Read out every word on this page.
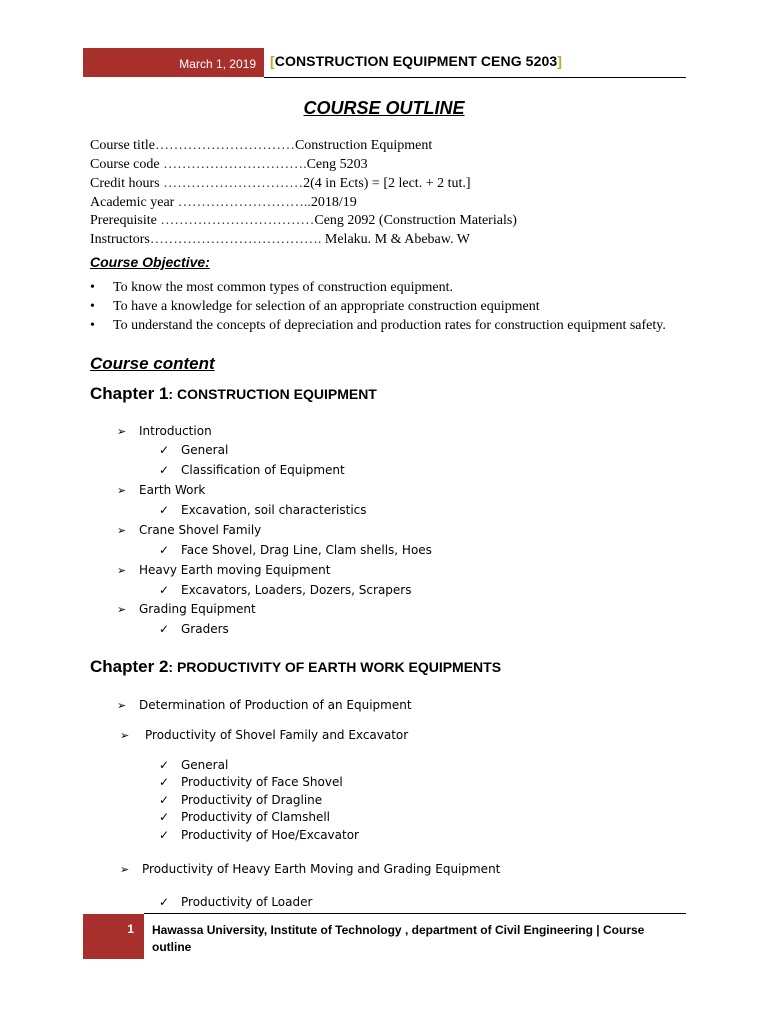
March 1, 2019 [CONSTRUCTION EQUIPMENT CENG 5203]
COURSE OUTLINE
Course title…………………………Construction Equipment
Course code ………………………….Ceng 5203
Credit hours …………………………2(4 in Ects) = [2 lect. + 2 tut.]
Academic year ………………………..2018/19
Prerequisite ……………………………Ceng 2092 (Construction Materials)
Instructors………………………………. Melaku. M & Abebaw. W
Course Objective:
• To know the most common types of construction equipment.
• To have a knowledge for selection of an appropriate construction equipment
• To understand the concepts of depreciation and production rates for construction equipment safety.
Course content
Chapter 1: CONSTRUCTION EQUIPMENT
➢ Introduction
✓ General
✓ Classification of Equipment
➢ Earth Work
✓ Excavation, soil characteristics
➢ Crane Shovel Family
✓ Face Shovel, Drag Line, Clam shells, Hoes
➢ Heavy Earth moving Equipment
✓ Excavators, Loaders, Dozers, Scrapers
➢ Grading Equipment
✓ Graders
Chapter 2: PRODUCTIVITY OF EARTH WORK EQUIPMENTS
➢ Determination of Production of an Equipment
➢ Productivity of Shovel Family and Excavator
✓ General
✓ Productivity of Face Shovel
✓ Productivity of Dragline
✓ Productivity of Clamshell
✓ Productivity of Hoe/Excavator
➢ Productivity of Heavy Earth Moving and Grading Equipment
✓ Productivity of Loader
1	Hawassa University, Institute of Technology , department of Civil Engineering | Course outline
